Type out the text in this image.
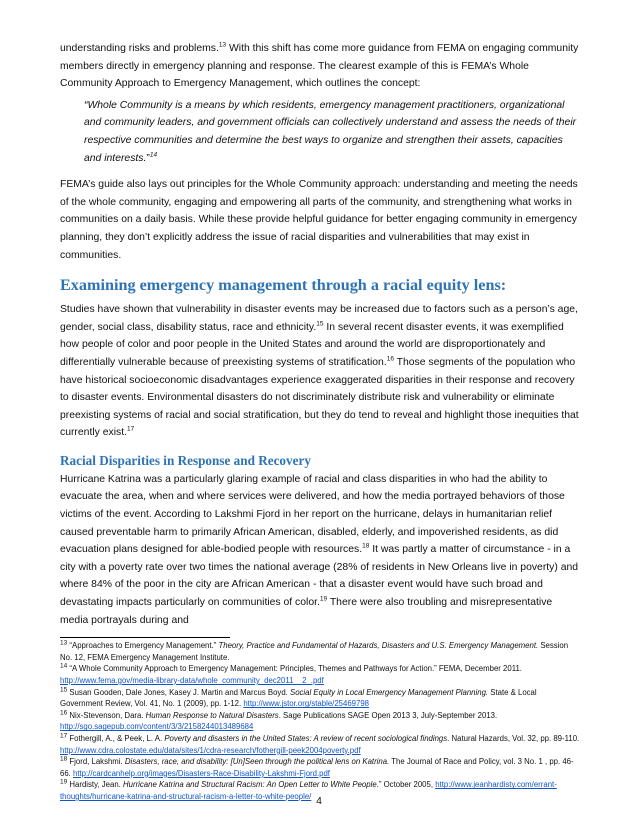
understanding risks and problems.$^{13}$ With this shift has come more guidance from FEMA on engaging community members directly in emergency planning and response. The clearest example of this is FEMA’s Whole Community Approach to Emergency Management, which outlines the concept:

“Whole Community is a means by which residents, emergency management practitioners, organizational and community leaders, and government officials can collectively understand and assess the needs of their respective communities and determine the best ways to organize and strengthen their assets, capacities and interests.”$^{14}$

FEMA’s guide also lays out principles for the Whole Community approach: understanding and meeting the needs of the whole community, engaging and empowering all parts of the community, and strengthening what works in communities on a daily basis. While these provide helpful guidance for better engaging community in emergency planning, they don’t explicitly address the issue of racial disparities and vulnerabilities that may exist in communities.

Examining emergency management through a racial equity lens:

Studies have shown that vulnerability in disaster events may be increased due to factors such as a person’s age, gender, social class, disability status, race and ethnicity.$^{15}$ In several recent disaster events, it was exemplified how people of color and poor people in the United States and around the world are disproportionately and differentially vulnerable because of preexisting systems of stratification.$^{16}$ Those segments of the population who have historical socioeconomic disadvantages experience exaggerated disparities in their response and recovery to disaster events. Environmental disasters do not discriminately distribute risk and vulnerability or eliminate preexisting systems of racial and social stratification, but they do tend to reveal and highlight those inequities that currently exist.$^{17}$

Racial Disparities in Response and Recovery

Hurricane Katrina was a particularly glaring example of racial and class disparities in who had the ability to evacuate the area, when and where services were delivered, and how the media portrayed behaviors of those victims of the event. According to Lakshmi Fjord in her report on the hurricane, delays in humanitarian relief caused preventable harm to primarily African American, disabled, elderly, and impoverished residents, as did evacuation plans designed for able-bodied people with resources.$^{18}$ It was partly a matter of circumstance - in a city with a poverty rate over two times the national average (28% of residents in New Orleans live in poverty) and where 84% of the poor in the city are African American - that a disaster event would have such broad and devastating impacts particularly on communities of color.$^{19}$ There were also troubling and misrepresentative media portrayals during and

$^{13}$ “Approaches to Emergency Management.” Theory, Practice and Fundamental of Hazards, Disasters and U.S. Emergency Management. Session No. 12, FEMA Emergency Management Institute.

$^{14}$ “A Whole Community Approach to Emergency Management: Principles, Themes and Pathways for Action.” FEMA, December 2011. http://www.fema.gov/media-library-data/whole_community_dec2011__2_.pdf

$^{15}$ Susan Gooden, Dale Jones, Kasey J. Martin and Marcus Boyd. Social Equity in Local Emergency Management Planning. State & Local Government Review, Vol. 41, No. 1 (2009), pp. 1-12. http://www.jstor.org/stable/25469798

$^{16}$ Nix-Stevenson, Dara. Human Response to Natural Disasters. Sage Publications SAGE Open 2013 3, July-September 2013. http://sgo.sagepub.com/content/3/3/2158244013489684

$^{17}$ Fothergill, A., & Peek, L. A. Poverty and disasters in the United States: A review of recent sociological findings. Natural Hazards, Vol. 32, pp. 89-110. http://www.cdra.colostate.edu/data/sites/1/cdra-research/fothergill-peek2004poverty.pdf

$^{18}$ Fjord, Lakshmi. Disasters, race, and disability: [Un]Seen through the political lens on Katrina. The Journal of Race and Policy, vol. 3 No. 1 , pp. 46-66. http://cardcanhelp.org/images/Disasters-Race-Disability-Lakshmi-Fjord.pdf

$^{19}$ Hardisty, Jean. Hurricane Katrina and Structural Racism: An Open Letter to White People.” October 2005, http://www.jeanhardisty.com/errant-thoughts/hurricane-katrina-and-structural-racism-a-letter-to-white-people/ 4
